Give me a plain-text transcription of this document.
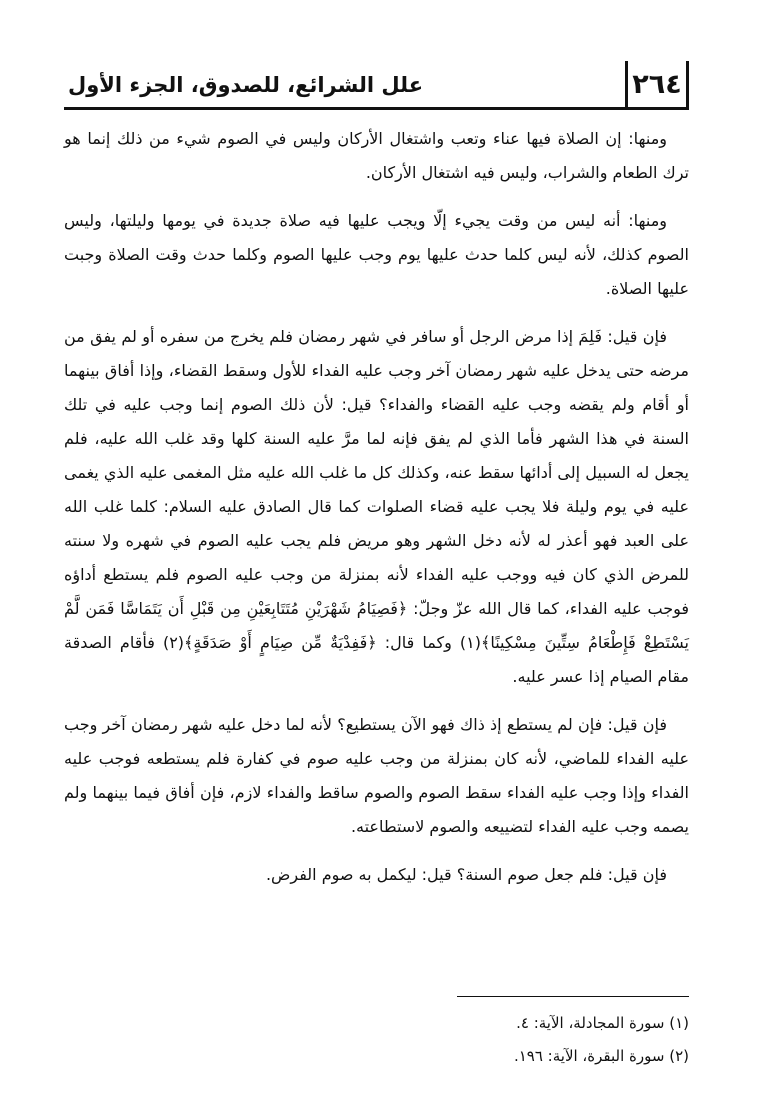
٢٦٤
علل الشرائع، للصدوق، الجزء الأول

ومنها: إن الصلاة فيها عناء وتعب واشتغال الأركان وليس في الصوم شيء من ذلك إنما هو ترك الطعام والشراب، وليس فيه اشتغال الأركان.

ومنها: أنه ليس من وقت يجيء إلّا ويجب عليها فيه صلاة جديدة في يومها وليلتها، وليس الصوم كذلك، لأنه ليس كلما حدث عليها يوم وجب عليها الصوم وكلما حدث وقت الصلاة وجبت عليها الصلاة.

فإن قيل: فَلِمَ إذا مرض الرجل أو سافر في شهر رمضان فلم يخرج من سفره أو لم يفق من مرضه حتى يدخل عليه شهر رمضان آخر وجب عليه الفداء للأول وسقط القضاء، وإذا أفاق بينهما أو أقام ولم يقضه وجب عليه القضاء والفداء؟ قيل: لأن ذلك الصوم إنما وجب عليه في تلك السنة في هذا الشهر فأما الذي لم يفق فإنه لما مرَّ عليه السنة كلها وقد غلب الله عليه، فلم يجعل له السبيل إلى أدائها سقط عنه، وكذلك كل ما غلب الله عليه مثل المغمى عليه الذي يغمى عليه في يوم وليلة فلا يجب عليه قضاء الصلوات كما قال الصادق عليه السلام: كلما غلب الله على العبد فهو أعذر له لأنه دخل الشهر وهو مريض فلم يجب عليه الصوم في شهره ولا سنته للمرض الذي كان فيه ووجب عليه الفداء لأنه بمنزلة من وجب عليه الصوم فلم يستطع أداؤه فوجب عليه الفداء، كما قال الله عزّ وجلّ: ﴿فَصِيَامُ شَهْرَيْنِ مُتَتَابِعَيْنِ مِن قَبْلِ أَن يَتَمَاسَّا فَمَن لَّمْ يَسْتَطِعْ فَإِطْعَامُ سِتِّينَ مِسْكِينًا﴾(١) وكما قال: ﴿فَفِدْيَةٌ مِّن صِيَامٍ أَوْ صَدَقَةٍ﴾(٢) فأقام الصدقة مقام الصيام إذا عسر عليه.

فإن قيل: فإن لم يستطع إذ ذاك فهو الآن يستطيع؟ لأنه لما دخل عليه شهر رمضان آخر وجب عليه الفداء للماضي، لأنه كان بمنزلة من وجب عليه صوم في كفارة فلم يستطعه فوجب عليه الفداء وإذا وجب عليه الفداء سقط الصوم والصوم ساقط والفداء لازم، فإن أفاق فيما بينهما ولم يصمه وجب عليه الفداء لتضييعه والصوم لاستطاعته.

فإن قيل: فلم جعل صوم السنة؟ قيل: ليكمل به صوم الفرض.

(١) سورة المجادلة، الآية: ٤.
(٢) سورة البقرة، الآية: ١٩٦.
